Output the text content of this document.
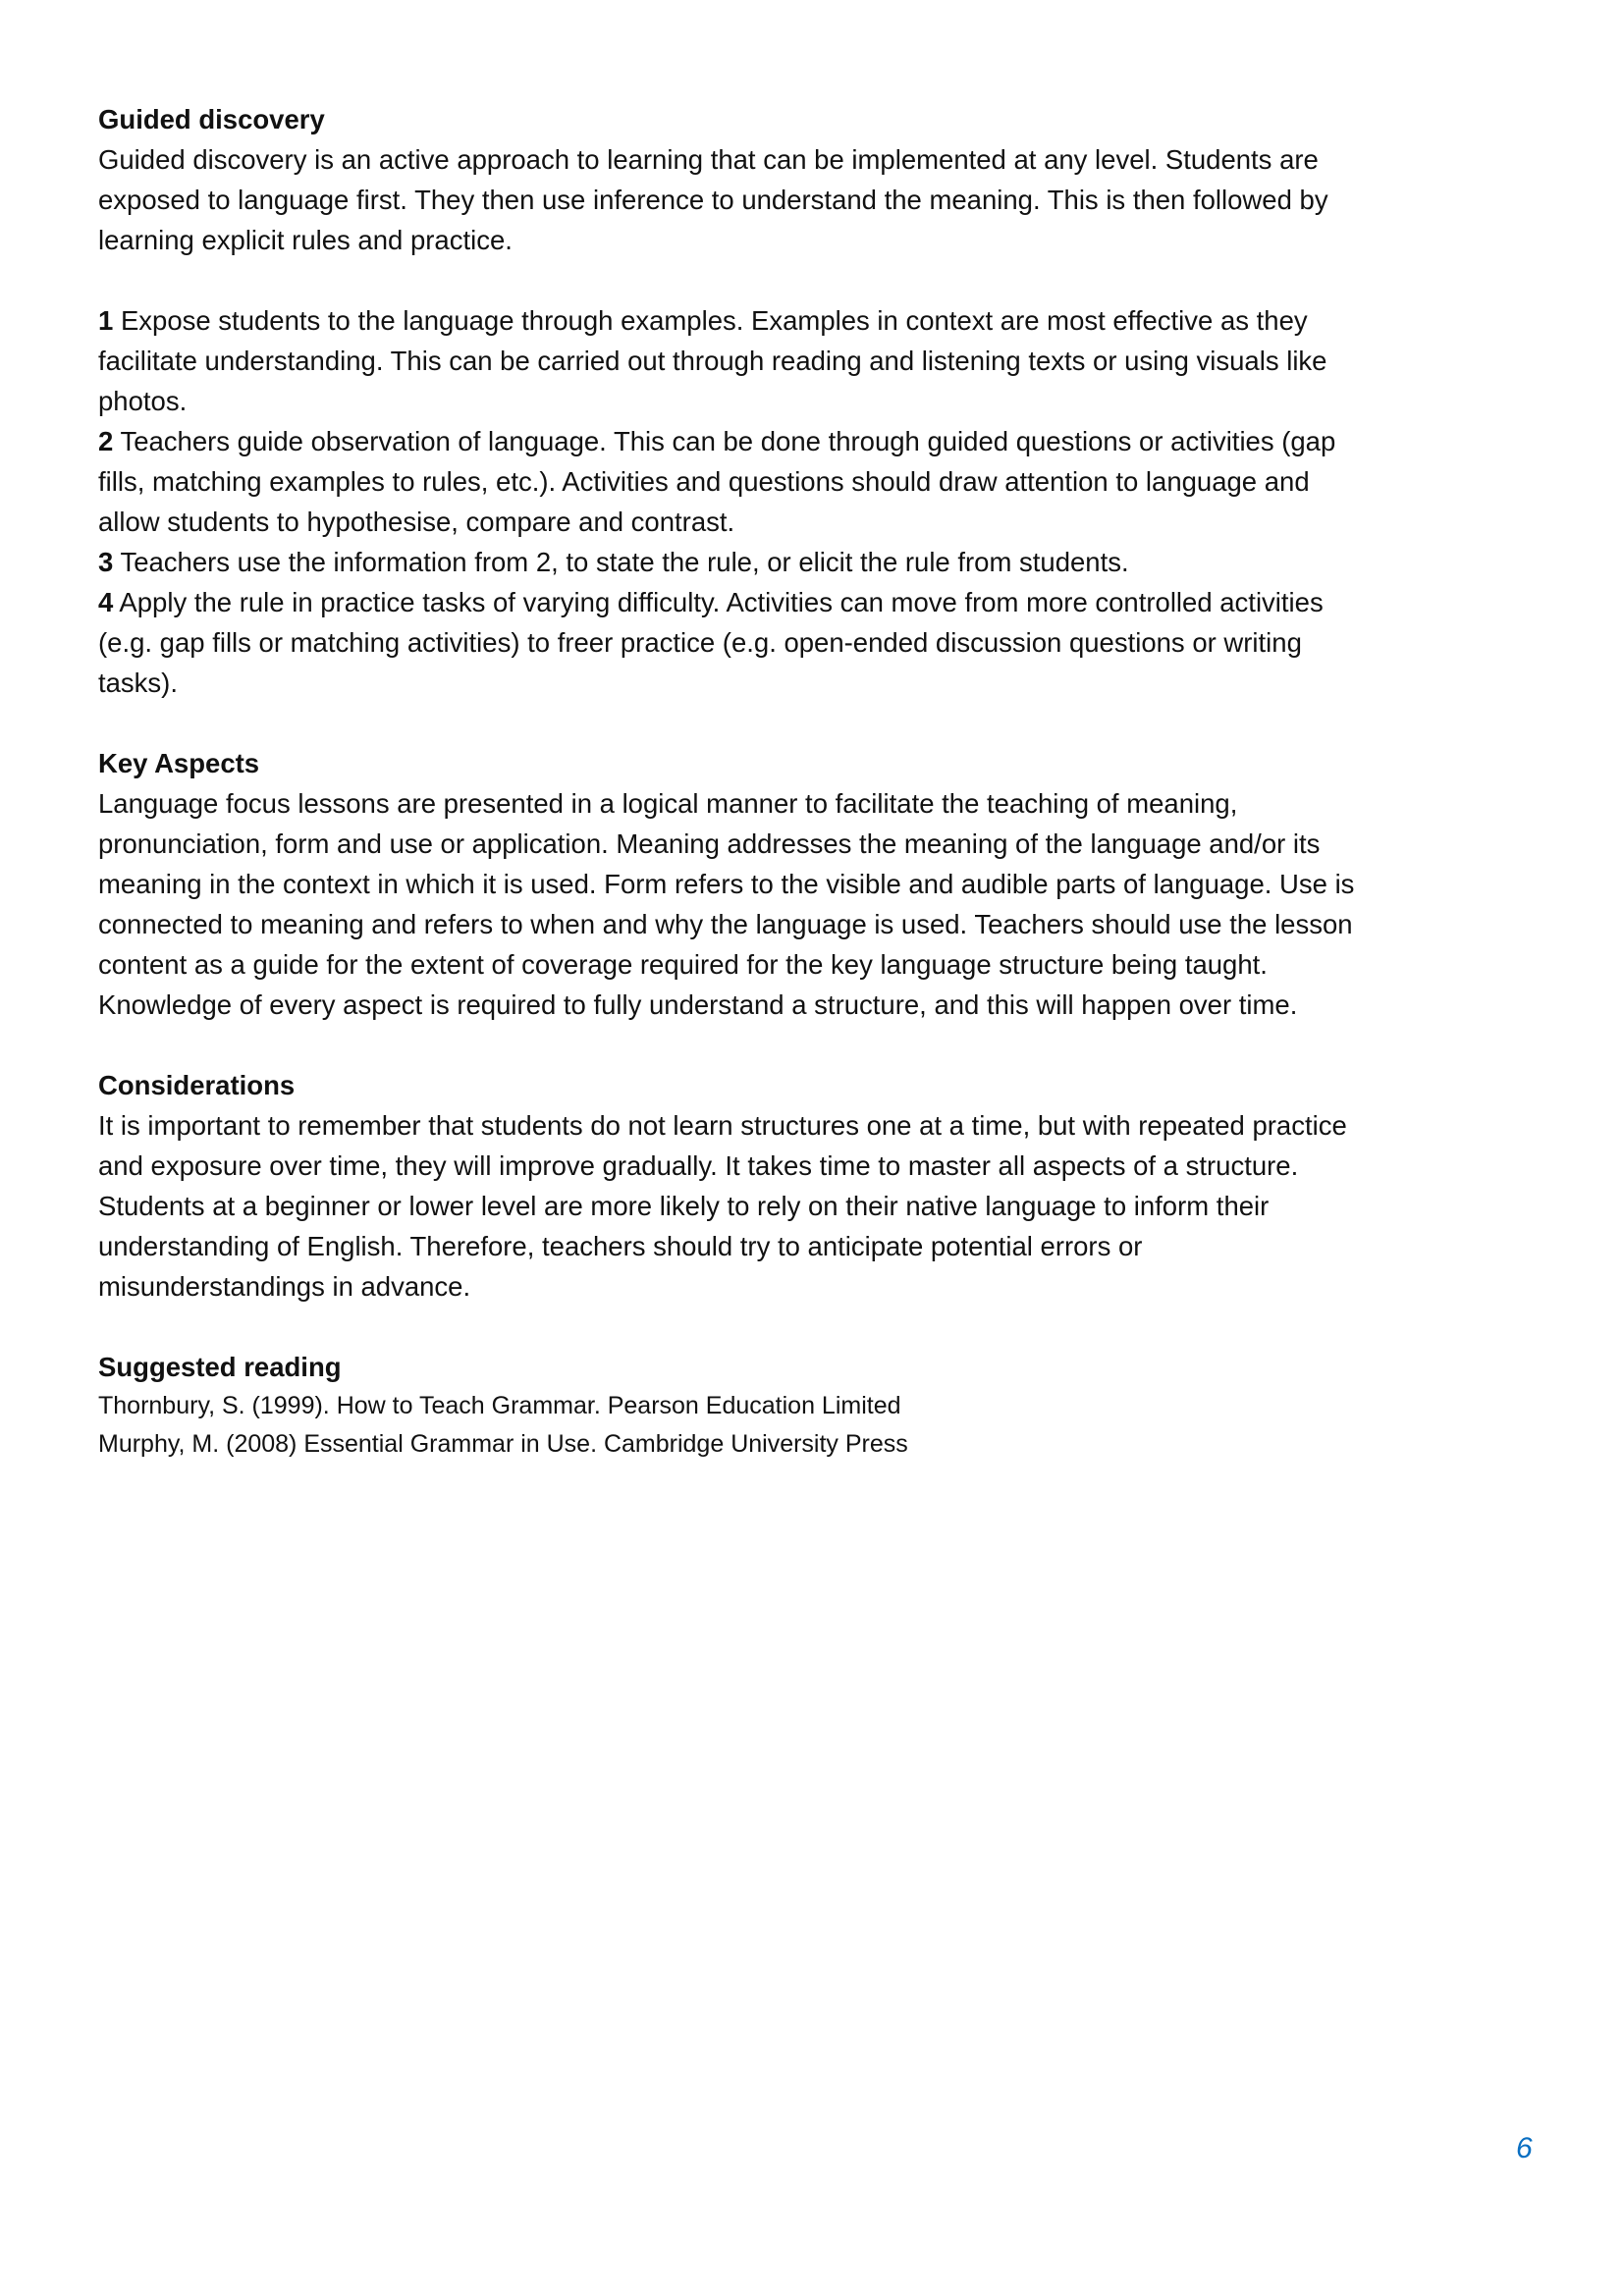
Guided discovery
Guided discovery is an active approach to learning that can be implemented at any level. Students are
exposed to language first. They then use inference to understand the meaning. This is then followed by
learning explicit rules and practice.
1 Expose students to the language through examples. Examples in context are most effective as they
facilitate understanding. This can be carried out through reading and listening texts or using visuals like
photos.
2 Teachers guide observation of language. This can be done through guided questions or activities (gap
fills, matching examples to rules, etc.). Activities and questions should draw attention to language and
allow students to hypothesise, compare and contrast.
3 Teachers use the information from 2, to state the rule, or elicit the rule from students.
4 Apply the rule in practice tasks of varying difficulty. Activities can move from more controlled activities
(e.g. gap fills or matching activities) to freer practice (e.g. open-ended discussion questions or writing
tasks).
Key Aspects
Language focus lessons are presented in a logical manner to facilitate the teaching of meaning,
pronunciation, form and use or application. Meaning addresses the meaning of the language and/or its
meaning in the context in which it is used. Form refers to the visible and audible parts of language. Use is
connected to meaning and refers to when and why the language is used. Teachers should use the lesson
content as a guide for the extent of coverage required for the key language structure being taught.
Knowledge of every aspect is required to fully understand a structure, and this will happen over time.
Considerations
It is important to remember that students do not learn structures one at a time, but with repeated practice
and exposure over time, they will improve gradually. It takes time to master all aspects of a structure.
Students at a beginner or lower level are more likely to rely on their native language to inform their
understanding of English. Therefore, teachers should try to anticipate potential errors or
misunderstandings in advance.
Suggested reading
Thornbury, S. (1999). How to Teach Grammar. Pearson Education Limited
Murphy, M. (2008) Essential Grammar in Use. Cambridge University Press
6
